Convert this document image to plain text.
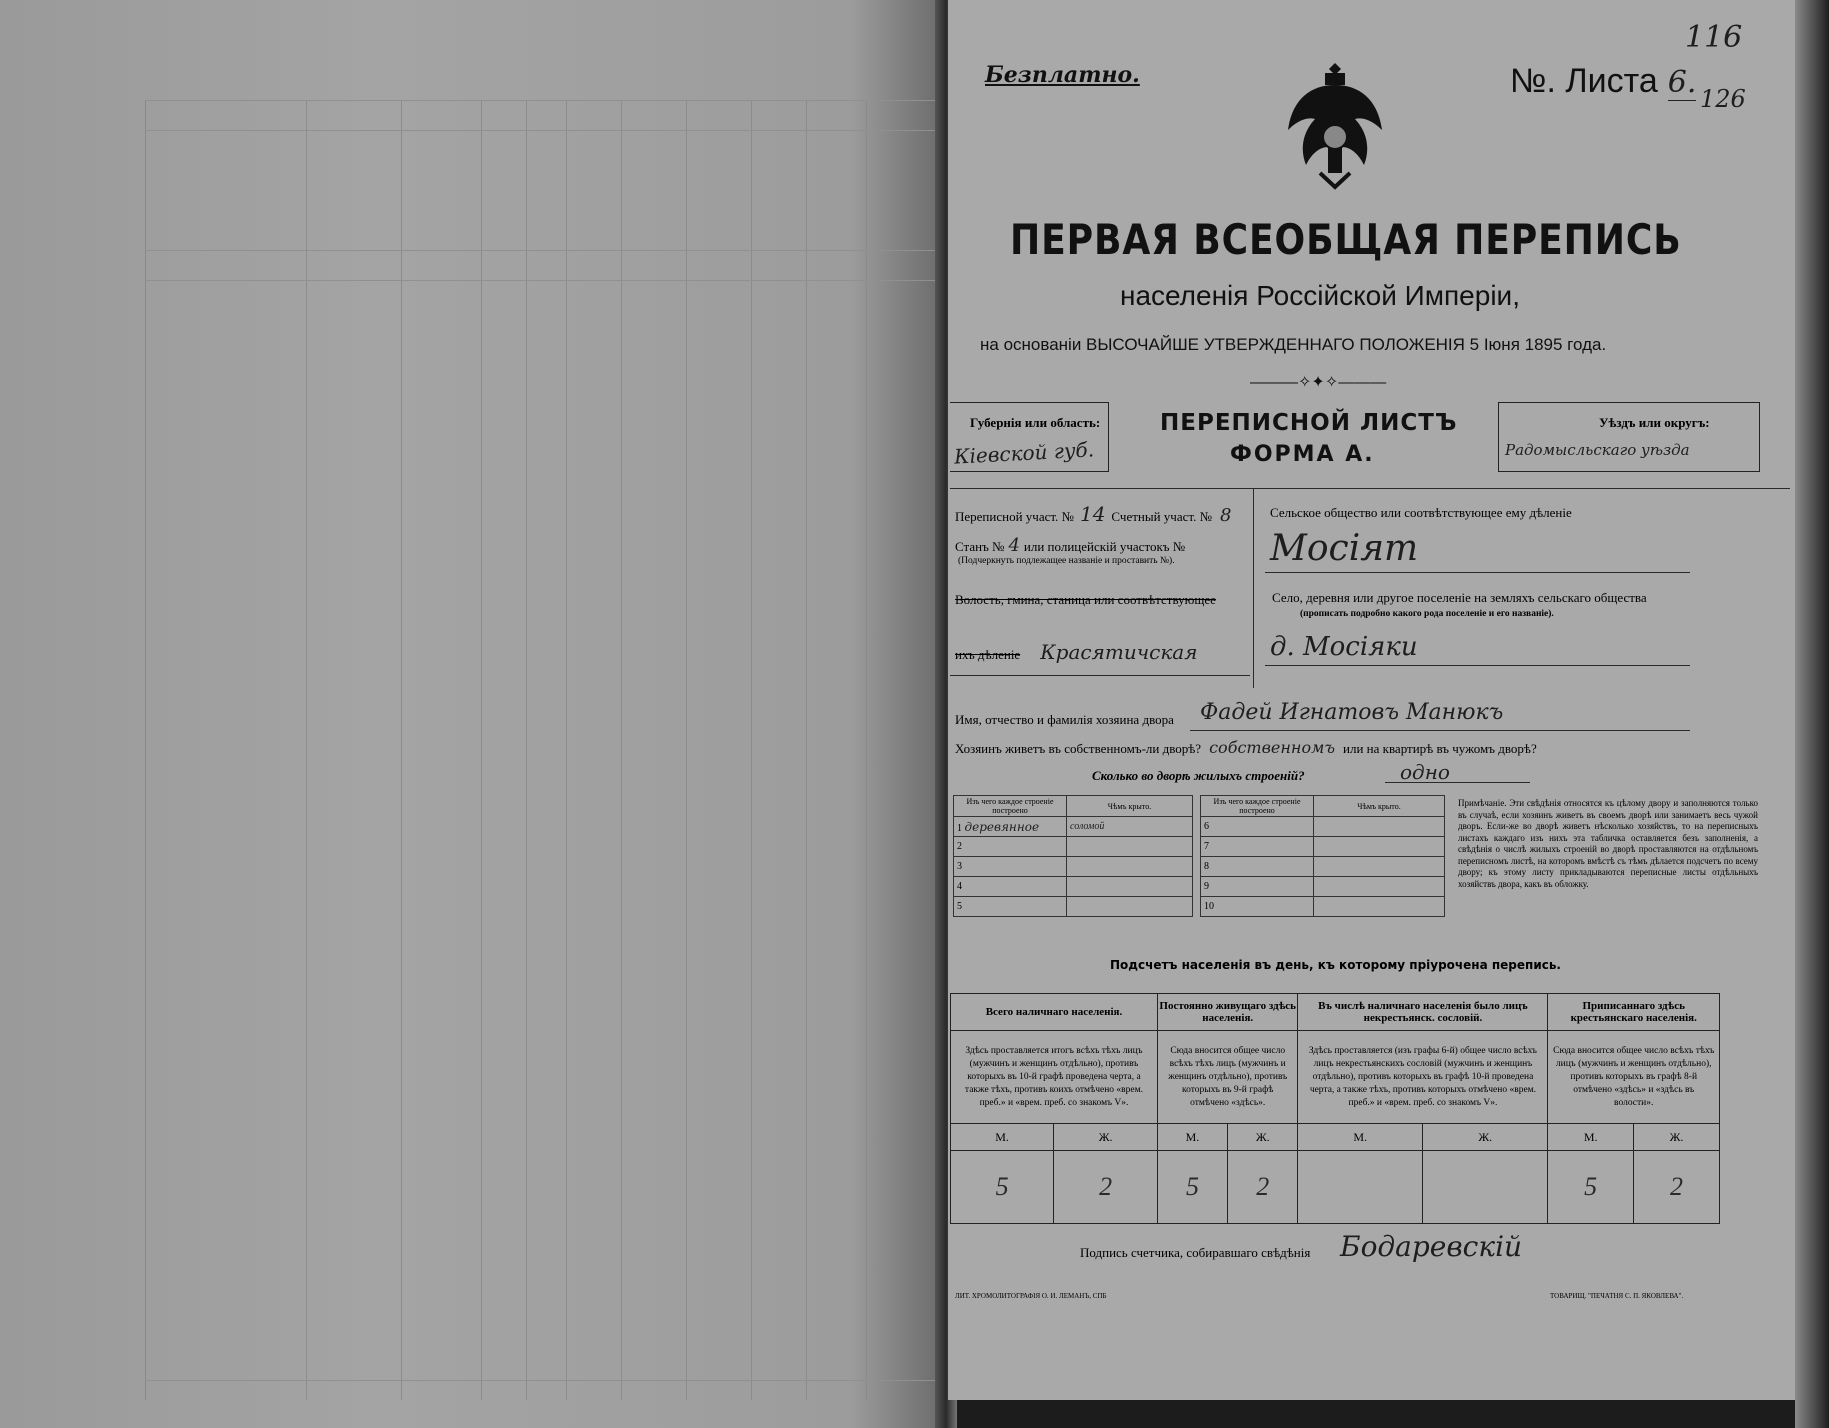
Безплатно.	№. Листа 6.
116
126
ПЕРВАЯ ВСЕОБЩАЯ ПЕРЕПИСЬ
населенія Россійской Имперіи,
на основаніи ВЫСОЧАЙШЕ УТВЕРЖДЕННАГО ПОЛОЖЕНІЯ 5 Іюня 1895 года.
―――✧✦✧―――
Губернія или область:
Кіевской губ.
ПЕРЕПИСНОЙ ЛИСТЪ
ФОРМА А.
Уѣздъ или округъ:
Радомысльскаго уѣзда
Переписной участ. № 14 Счетный участ. № 8
Станъ № 4 или полицейскій участокъ №
(Подчеркнуть подлежащее названіе и проставить №).
Волость, гмина, станица или соотвѣтствующее
ихъ дѣленіе Красятичская
Сельское общество или соотвѣтствующее ему дѣленіе
Мосіят
Село, деревня или другое поселеніе на земляхъ сельскаго общества
(прописать подробно какого рода поселеніе и его названіе).
д. Мосіяки
Имя, отчество и фамилія хозяина двора Фадей Игнатовъ Манюкъ
Хозяинъ живетъ въ собственномъ-ли дворѣ? собственномъ или на квартирѣ въ чужомъ дворѣ?
Сколько во дворѣ жилыхъ строеній?	одно
Изъ чего каждое строеніе построено	Чѣмъ крыто.
1 деревянное	соломой
2	
3	
4	
5	
Изъ чего каждое строеніе построено	Чѣмъ крыто.
6	
7	
8	
9	
10	
Примѣчаніе. Эти свѣдѣнія относятся къ цѣлому двору и заполняются только въ случаѣ, если хозяинъ живетъ въ своемъ дворѣ или занимаетъ весь чужой дворъ. Если-же во дворѣ живетъ нѣсколько хозяйствъ, то на переписныхъ листахъ каждаго изъ нихъ эта табличка оставляется безъ заполненія, а свѣдѣнія о числѣ жилыхъ строеній во дворѣ проставляются на отдѣльномъ переписномъ листѣ, на которомъ вмѣстѣ съ тѣмъ дѣлается подсчетъ по всему двору; къ этому листу прикладываются переписные листы отдѣльныхъ хозяйствъ двора, какъ въ обложку.
Подсчетъ населенія въ день, къ которому пріурочена перепись.
Всего наличнаго населенія.		Постоянно живущаго здѣсь населенія.		Въ числѣ наличнаго населенія было лицъ некрестьянск. сословій.		Приписаннаго здѣсь крестьянскаго населенія.	
Здѣсь проставляется итогъ всѣхъ тѣхъ лицъ (мужчинъ и женщинъ отдѣльно), противъ которыхъ въ 10-й графѣ проведена черта, а также тѣхъ, противъ коихъ отмѣчено «врем. преб.» и «врем. преб. со знакомъ V».		Сюда вносится общее число всѣхъ тѣхъ лицъ (мужчинъ и женщинъ отдѣльно), противъ которыхъ въ 9-й графѣ отмѣчено «здѣсь».		Здѣсь проставляется (изъ графы 6-й) общее число всѣхъ лицъ некрестьянскихъ сословій (мужчинъ и женщинъ отдѣльно), противъ которыхъ въ графѣ 10-й проведена черта, а также тѣхъ, противъ которыхъ отмѣчено «врем. преб.» и «врем. преб. со знакомъ V».		Сюда вносится общее число всѣхъ тѣхъ лицъ (мужчинъ и женщинъ отдѣльно), противъ которыхъ въ графѣ 8-й отмѣчено «здѣсь» и «здѣсь въ волости».	
М.	Ж.	М.	Ж.	М.	Ж.	М.	Ж.
5	2	5	2			5	2
Подпись счетчика, собиравшаго свѣдѣнія Бодаревскій
ЛИТ. ХРОМОЛИТОГРАФІЯ О. И. ЛЕМАНЪ, СПБ	ТОВАРИЩ. "ПЕЧАТНЯ С. П. ЯКОВЛЕВА".
